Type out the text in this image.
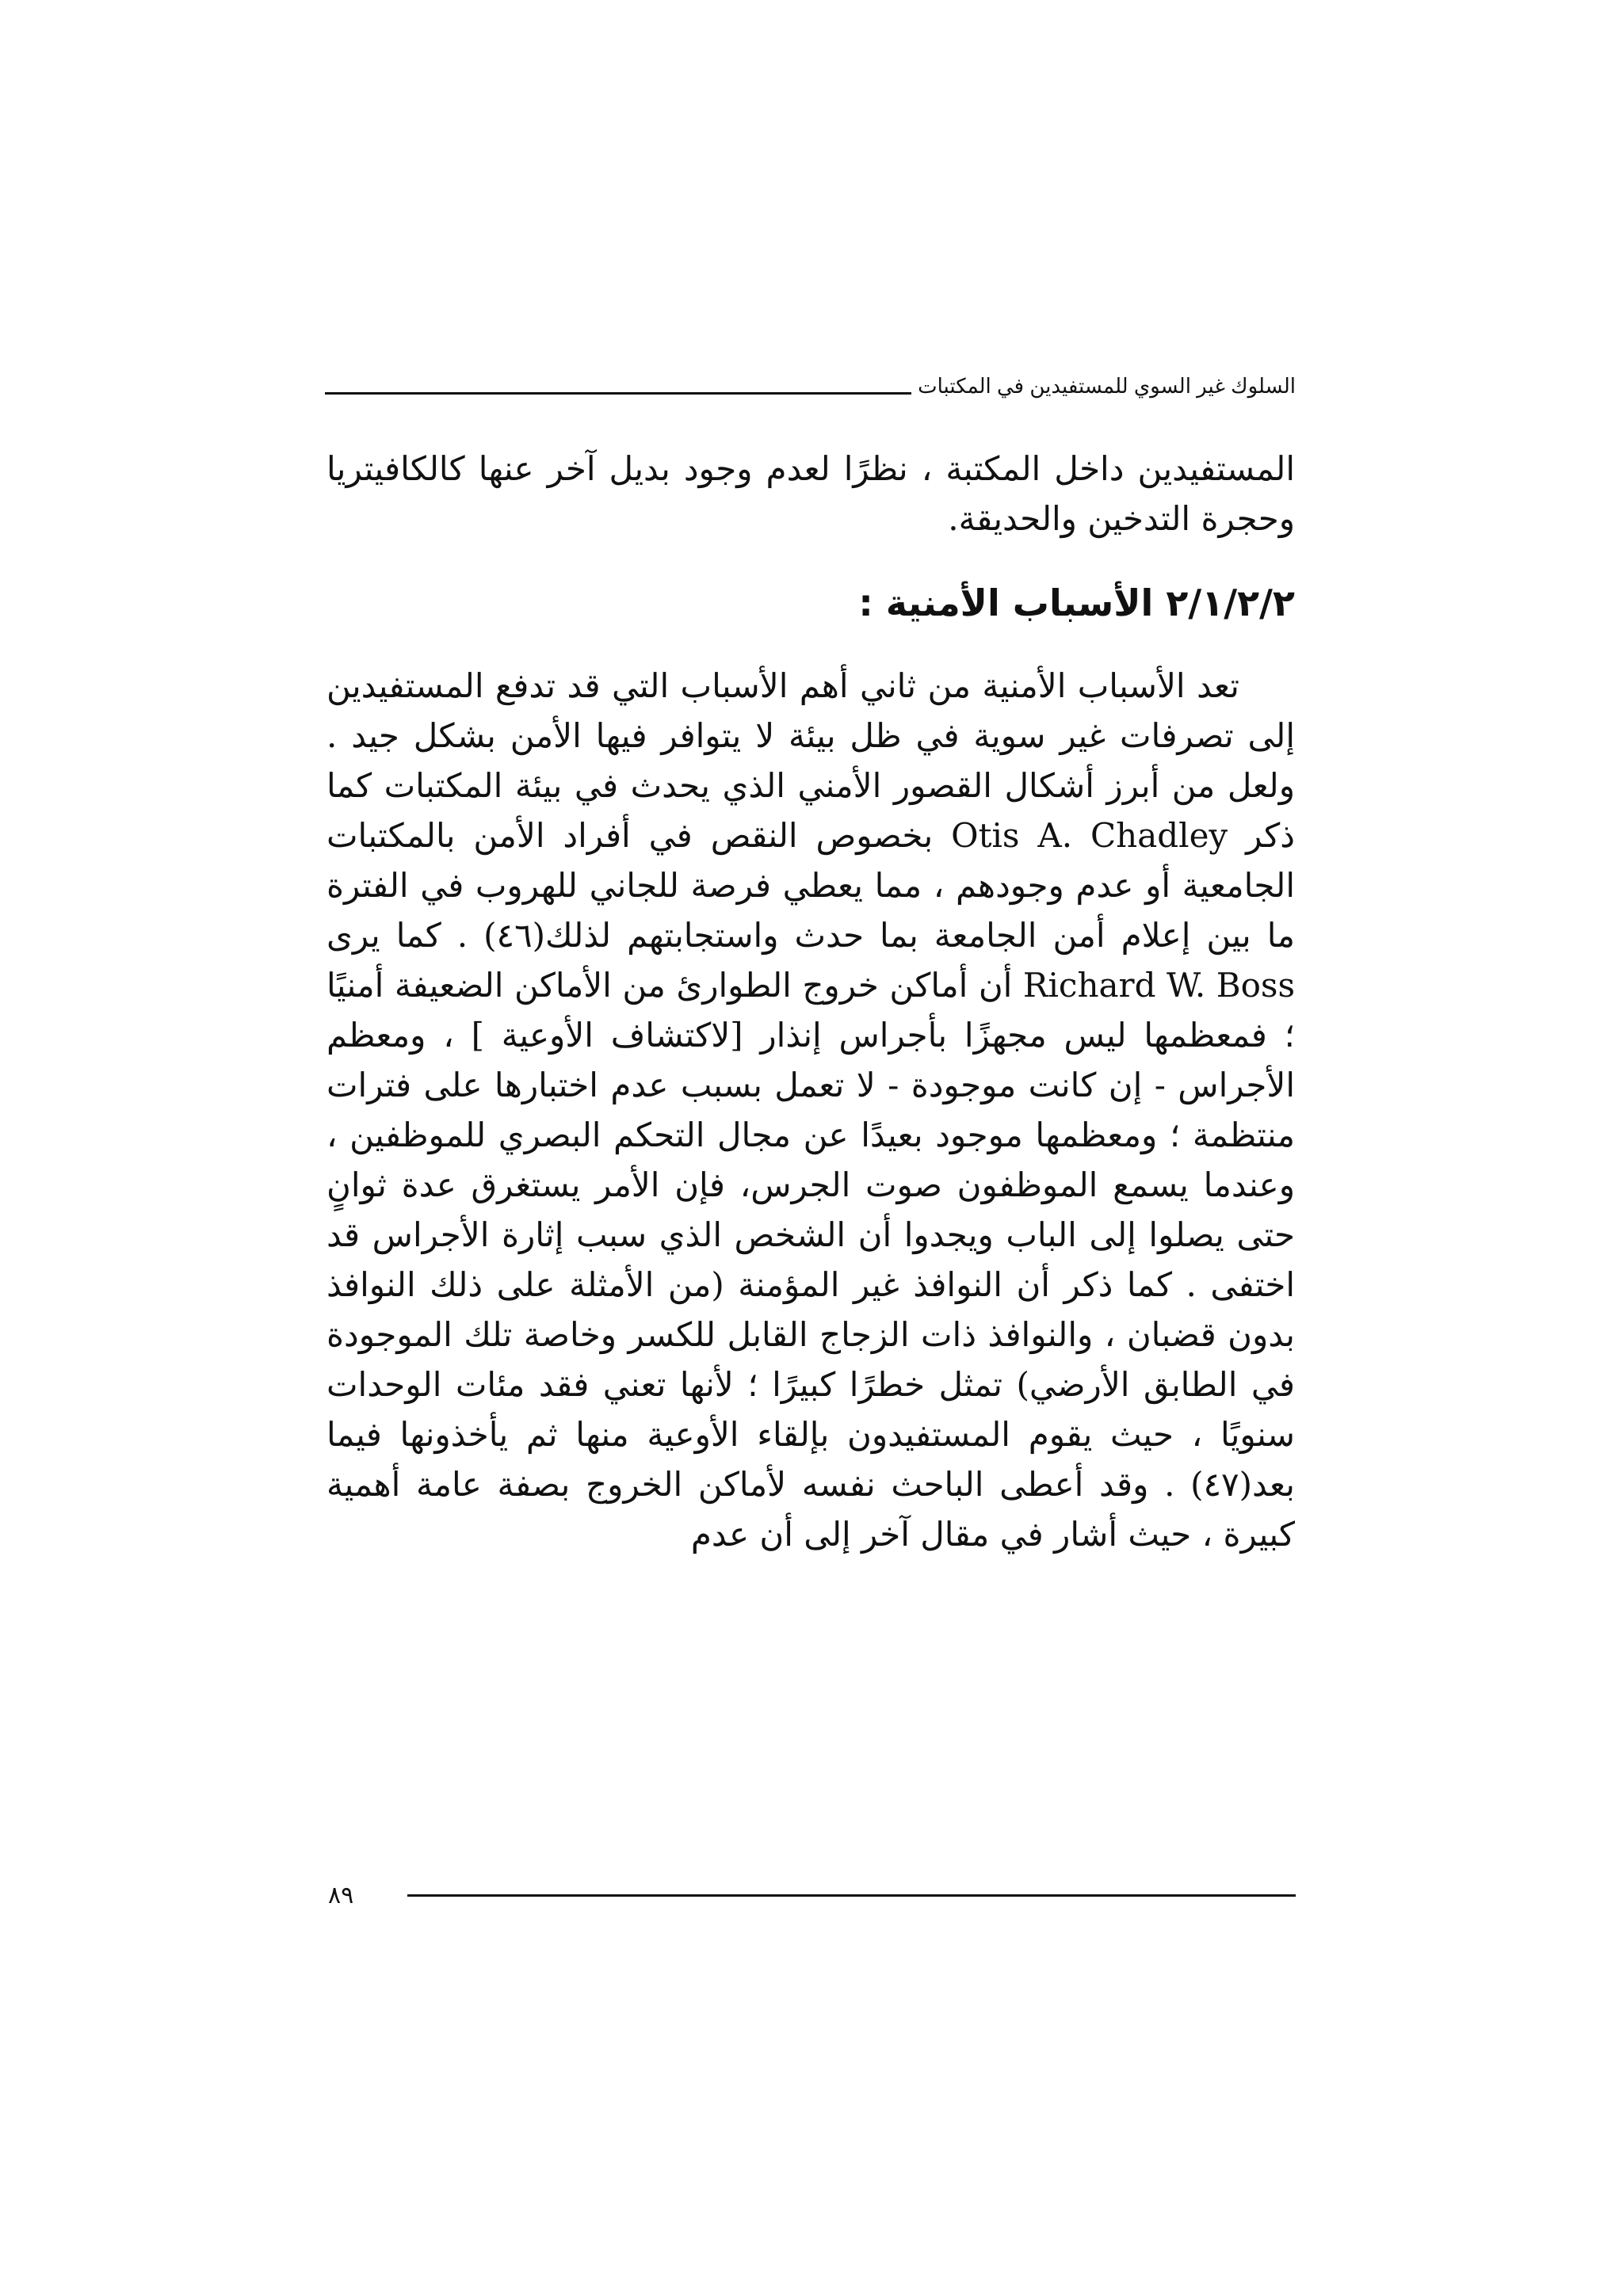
السلوك غير السوي للمستفيدين في المكتبات

المستفيدين داخل المكتبة ، نظرًا لعدم وجود بديل آخر عنها كالكافيتريا وحجرة التدخين والحديقة.

٢/١/٢/٢ الأسباب الأمنية :

تعد الأسباب الأمنية من ثاني أهم الأسباب التي قد تدفع المستفيدين إلى تصرفات غير سوية في ظل بيئة لا يتوافر فيها الأمن بشكل جيد . ولعل من أبرز أشكال القصور الأمني الذي يحدث في بيئة المكتبات كما ذكر Otis A. Chadley بخصوص النقص في أفراد الأمن بالمكتبات الجامعية أو عدم وجودهم ، مما يعطي فرصة للجاني للهروب في الفترة ما بين إعلام أمن الجامعة بما حدث واستجابتهم لذلك(٤٦) . كما يرى Richard W. Boss أن أماكن خروج الطوارئ من الأماكن الضعيفة أمنيًا ؛ فمعظمها ليس مجهزًا بأجراس إنذار [لاكتشاف الأوعية ] ، ومعظم الأجراس - إن كانت موجودة - لا تعمل بسبب عدم اختبارها على فترات منتظمة ؛ ومعظمها موجود بعيدًا عن مجال التحكم البصري للموظفين ، وعندما يسمع الموظفون صوت الجرس، فإن الأمر يستغرق عدة ثوانٍ حتى يصلوا إلى الباب ويجدوا أن الشخص الذي سبب إثارة الأجراس قد اختفى . كما ذكر أن النوافذ غير المؤمنة (من الأمثلة على ذلك النوافذ بدون قضبان ، والنوافذ ذات الزجاج القابل للكسر وخاصة تلك الموجودة في الطابق الأرضي) تمثل خطرًا كبيرًا ؛ لأنها تعني فقد مئات الوحدات سنويًا ، حيث يقوم المستفيدون بإلقاء الأوعية منها ثم يأخذونها فيما بعد(٤٧) . وقد أعطى الباحث نفسه لأماكن الخروج بصفة عامة أهمية كبيرة ، حيث أشار في مقال آخر إلى أن عدم

٨٩
